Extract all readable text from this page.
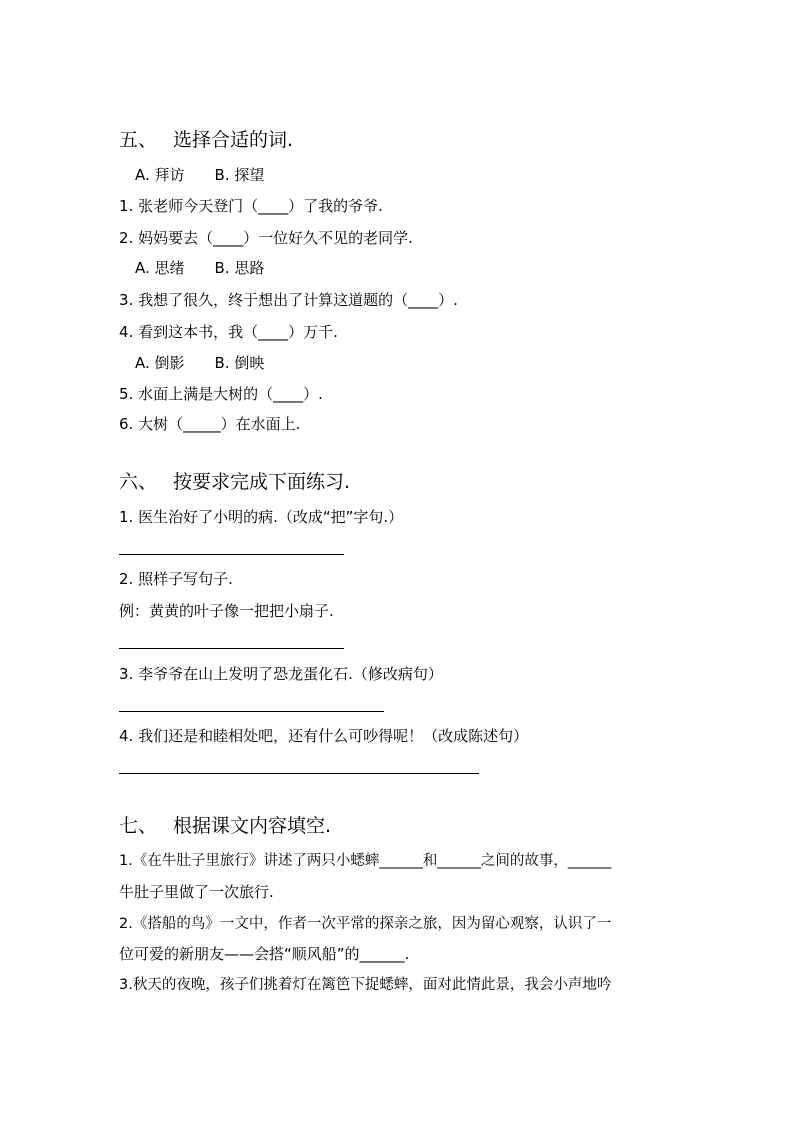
五、 选择合适的词.
A. 拜访　　B. 探望
1. 张老师今天登门（____）了我的爷爷.
2. 妈妈要去（____）一位好久不见的老同学.
A. 思绪　　B. 思路
3. 我想了很久，终于想出了计算这道题的（____）.
4. 看到这本书，我（____）万千.
A. 倒影　　B. 倒映
5. 水面上满是大树的（____）.
6. 大树（_____）在水面上.
六、 按要求完成下面练习.
1. 医生治好了小明的病.（改成“把”字句.）
2. 照样子写句子.
例：黄黄的叶子像一把把小扇子.
3. 李爷爷在山上发明了恐龙蛋化石.（修改病句）
4. 我们还是和睦相处吧，还有什么可吵得呢！（改成陈述句）
七、 根据课文内容填空.
1.《在牛肚子里旅行》讲述了两只小蟋蟀______和______之间的故事，______
牛肚子里做了一次旅行.
2.《搭船的鸟》一文中，作者一次平常的探亲之旅，因为留心观察，认识了一
位可爱的新朋友——会搭“顺风船”的______.
3.秋天的夜晚，孩子们挑着灯在篱笆下捉蟋蟀，面对此情此景，我会小声地吟
